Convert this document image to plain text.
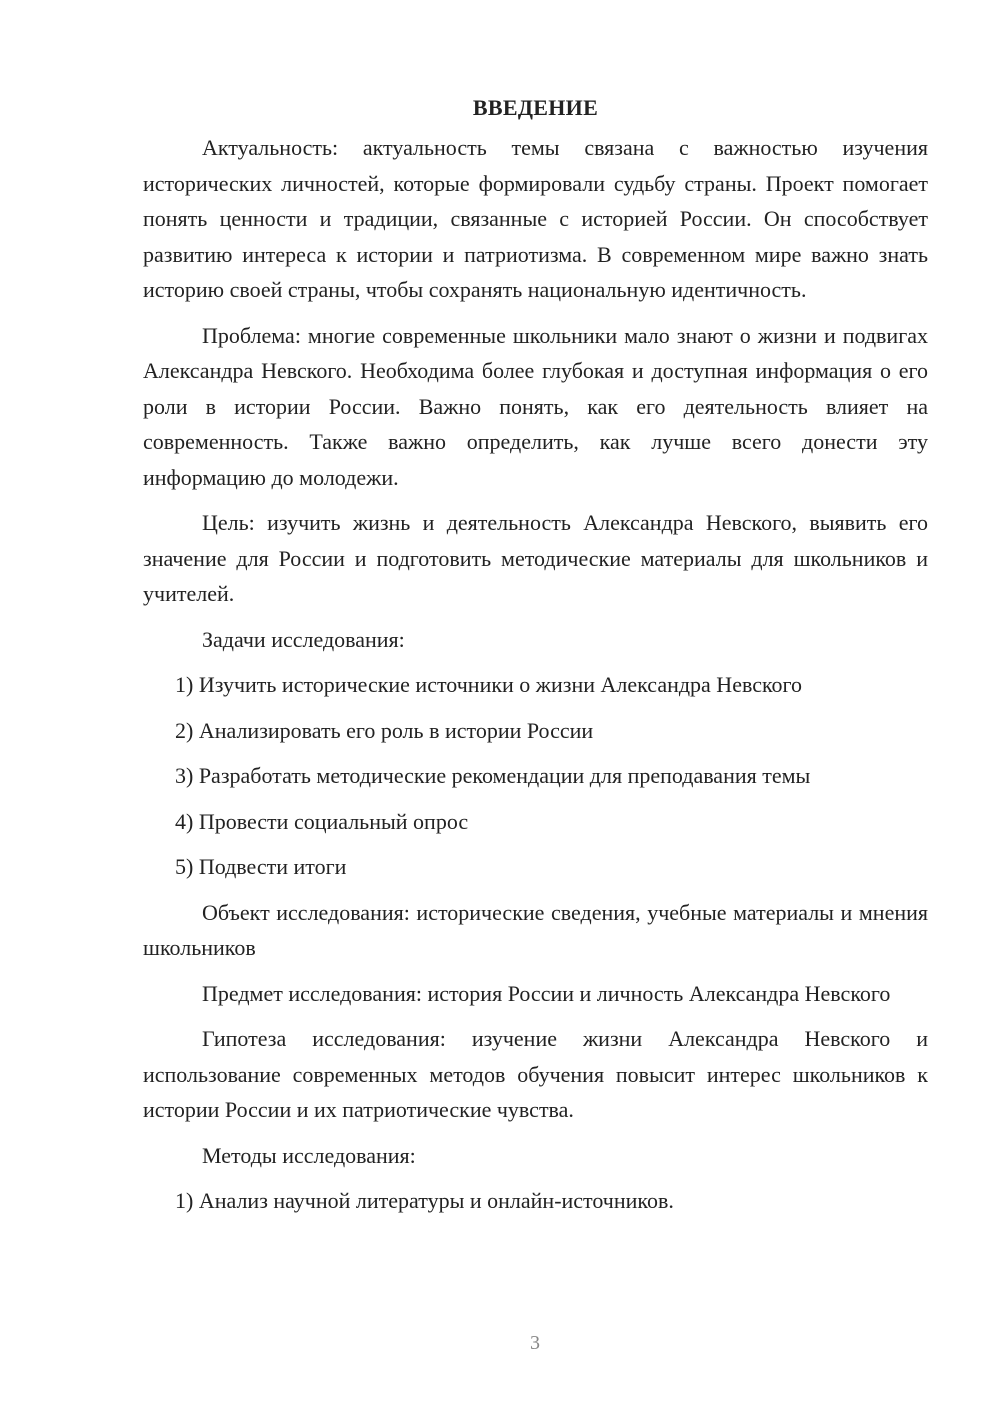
ВВЕДЕНИЕ

Актуальность: актуальность темы связана с важностью изучения исторических личностей, которые формировали судьбу страны. Проект помогает понять ценности и традиции, связанные с историей России. Он способствует развитию интереса к истории и патриотизма. В современном мире важно знать историю своей страны, чтобы сохранять национальную идентичность.

Проблема: многие современные школьники мало знают о жизни и подвигах Александра Невского. Необходима более глубокая и доступная информация о его роли в истории России. Важно понять, как его деятельность влияет на современность. Также важно определить, как лучше всего донести эту информацию до молодежи.

Цель: изучить жизнь и деятельность Александра Невского, выявить его значение для России и подготовить методические материалы для школьников и учителей.

Задачи исследования:

1) Изучить исторические источники о жизни Александра Невского
2) Анализировать его роль в истории России
3) Разработать методические рекомендации для преподавания темы
4) Провести социальный опрос
5) Подвести итоги

Объект исследования: исторические сведения, учебные материалы и мнения школьников

Предмет исследования: история России и личность Александра Невского

Гипотеза исследования: изучение жизни Александра Невского и использование современных методов обучения повысит интерес школьников к истории России и их патриотические чувства.

Методы исследования:

1) Анализ научной литературы и онлайн-источников.
3
